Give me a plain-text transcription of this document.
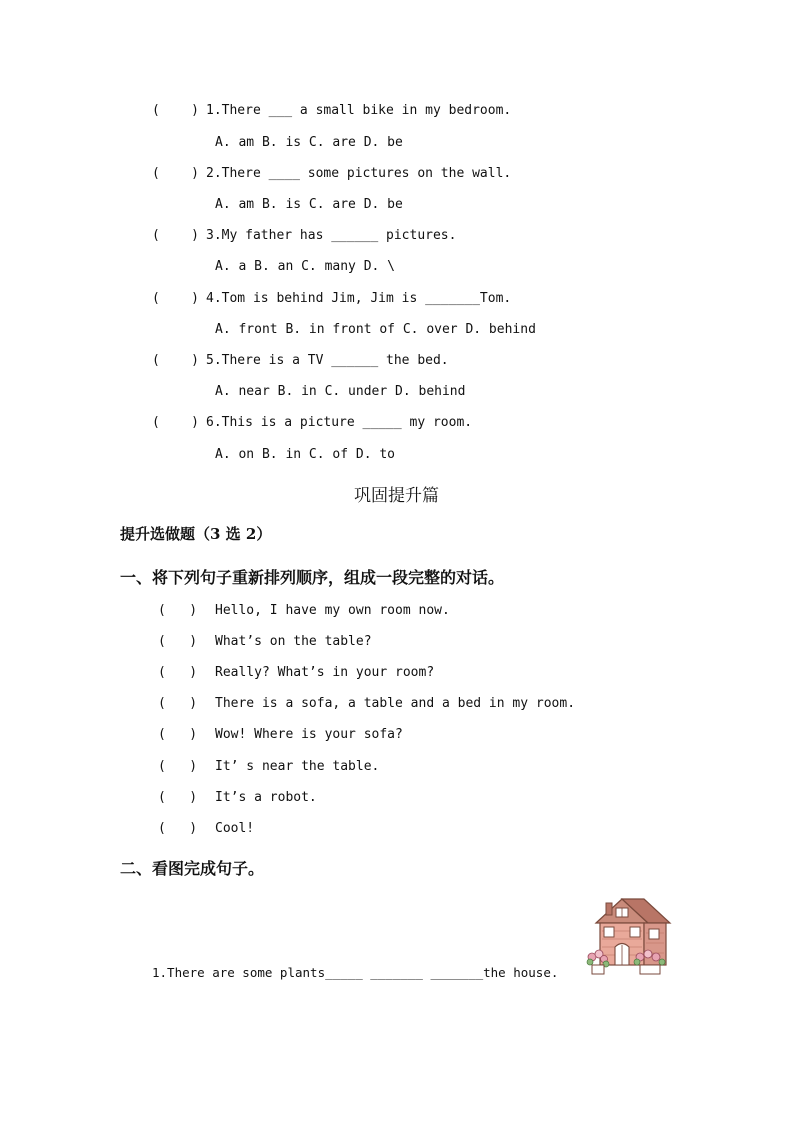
(    ) 1.There ___ a small bike in my bedroom.
A. am B. is C. are D. be
(    ) 2.There ____ some pictures on the wall.
A. am B. is C. are D. be
(    ) 3.My father has ______ pictures.
A. a B. an C. many D. \
(    ) 4.Tom is behind Jim, Jim is _______Tom.
A. front B. in front of C. over D. behind
(    ) 5.There is a TV ______ the bed.
A. near B. in C. under D. behind
(    ) 6.This is a picture _____ my room.
A. on B. in C. of D. to
巩固提升篇
提升选做题（3 选 2）
一、将下列句子重新排列顺序，组成一段完整的对话。
(   ) Hello, I have my own room now.
(   ) What’s on the table?
(   ) Really? What’s in your room?
(   ) There is a sofa, a table and a bed in my room.
(   ) Wow! Where is your sofa?
(   ) It’ s near the table.
(   ) It’s a robot.
(   ) Cool!
二、看图完成句子。
1.There are some plants_____ _______ _______the house.
